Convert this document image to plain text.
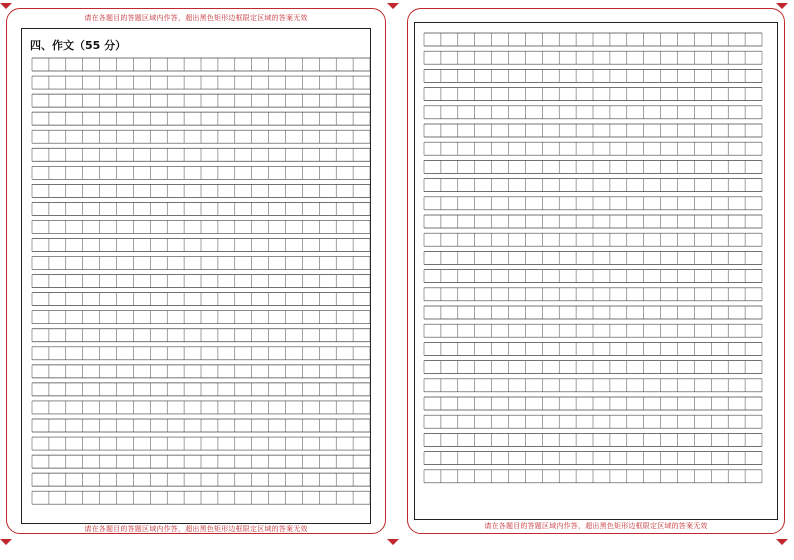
请在各题目的答题区域内作答，超出黑色矩形边框限定区域的答案无效
请在各题目的答题区域内作答，超出黑色矩形边框限定区域的答案无效	请在各题目的答题区域内作答，超出黑色矩形边框限定区域的答案无效
四、作文（55 分）
